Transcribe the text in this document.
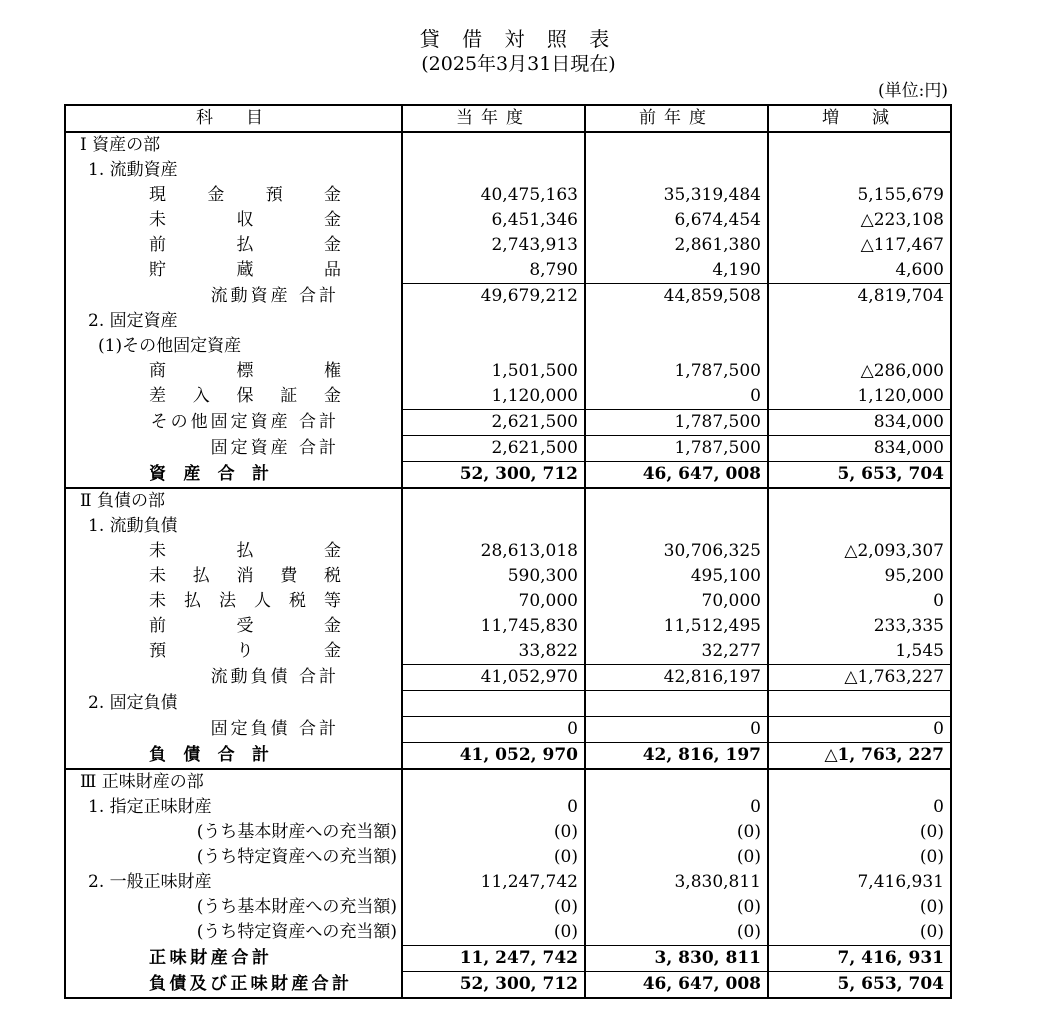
貸 借 対 照 表
(2025年3月31日現在)
(単位:円)
科　目	当年度	前年度	増　減
Ⅰ 資産の部			
1. 流動資産			

現金預金	40,475,163	35,319,484	5,155,679

未収金	6,451,346	6,674,454	△223,108

前払金	2,743,913	2,861,380	△117,467

貯蔵品	8,790	4,190	4,600

流動資産 合計	49,679,212	44,859,508	4,819,704
2. 固定資産			
(1)その他固定資産			

商標権	1,501,500	1,787,500	△286,000

差入保証金	1,120,000	0	1,120,000

その他固定資産 合計	2,621,500	1,787,500	834,000

固定資産 合計	2,621,500	1,787,500	834,000

資産合計	52, 300, 712	46, 647, 008	5, 653, 704
Ⅱ 負債の部			
1. 流動負債			

未払金	28,613,018	30,706,325	△2,093,307

未払消費税	590,300	495,100	95,200

未払法人税等	70,000	70,000	0

前受金	11,745,830	11,512,495	233,335

預り金	33,822	32,277	1,545

流動負債 合計	41,052,970	42,816,197	△1,763,227
2. 固定負債			

固定負債 合計	0	0	0

負債合計	41, 052, 970	42, 816, 197	△1, 763, 227
Ⅲ 正味財産の部			
1. 指定正味財産	0	0	0

(うち基本財産への充当額)	(0)	(0)	(0)

(うち特定資産への充当額)	(0)	(0)	(0)
2. 一般正味財産	11,247,742	3,830,811	7,416,931

(うち基本財産への充当額)	(0)	(0)	(0)

(うち特定資産への充当額)	(0)	(0)	(0)

正味財産合計	11, 247, 742	3, 830, 811	7, 416, 931

負債及び正味財産合計	52, 300, 712	46, 647, 008	5, 653, 704
